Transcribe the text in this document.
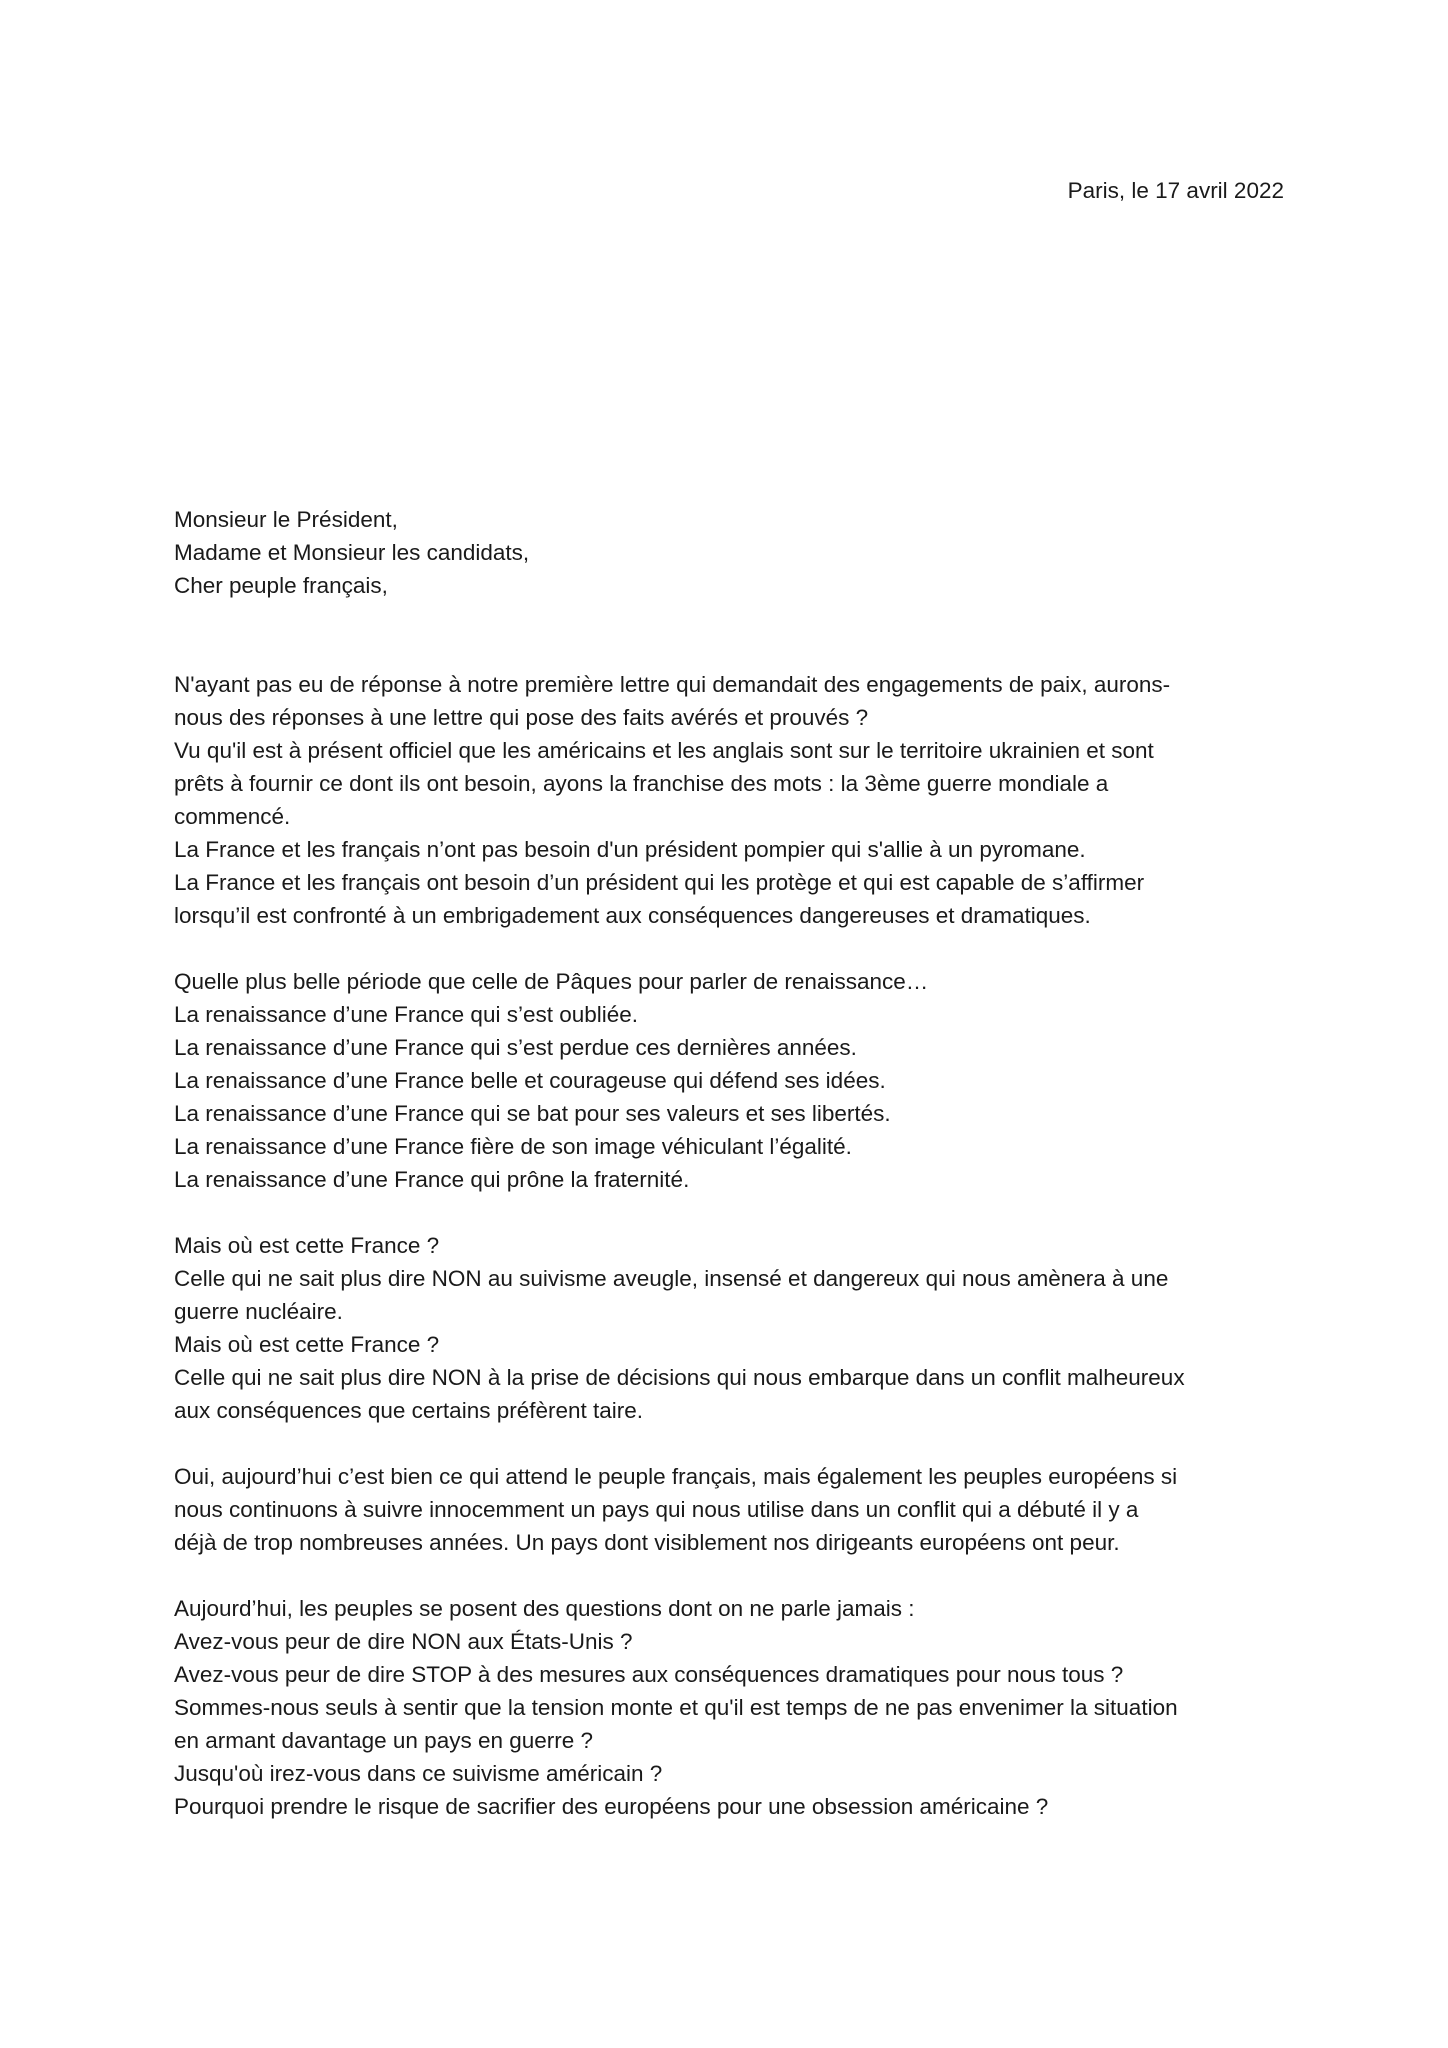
Paris, le 17 avril 2022
Monsieur le Président,
Madame et Monsieur les candidats,
Cher peuple français,
N'ayant pas eu de réponse à notre première lettre qui demandait des engagements de paix, aurons-
nous des réponses à une lettre qui pose des faits avérés et prouvés ?
Vu qu'il est à présent officiel que les américains et les anglais sont sur le territoire ukrainien et sont
prêts à fournir ce dont ils ont besoin, ayons la franchise des mots : la 3ème guerre mondiale a
commencé.
La France et les français n’ont pas besoin d'un président pompier qui s'allie à un pyromane.
La France et les français ont besoin d’un président qui les protège et qui est capable de s’affirmer
lorsqu’il est confronté à un embrigadement aux conséquences dangereuses et dramatiques.
Quelle plus belle période que celle de Pâques pour parler de renaissance…
La renaissance d’une France qui s’est oubliée.
La renaissance d’une France qui s’est perdue ces dernières années.
La renaissance d’une France belle et courageuse qui défend ses idées.
La renaissance d’une France qui se bat pour ses valeurs et ses libertés.
La renaissance d’une France fière de son image véhiculant l’égalité.
La renaissance d’une France qui prône la fraternité.
Mais où est cette France ?
Celle qui ne sait plus dire NON au suivisme aveugle, insensé et dangereux qui nous amènera à une
guerre nucléaire.
Mais où est cette France ?
Celle qui ne sait plus dire NON à la prise de décisions qui nous embarque dans un conflit malheureux
aux conséquences que certains préfèrent taire.
Oui, aujourd’hui c’est bien ce qui attend le peuple français, mais également les peuples européens si
nous continuons à suivre innocemment un pays qui nous utilise dans un conflit qui a débuté il y a
déjà de trop nombreuses années. Un pays dont visiblement nos dirigeants européens ont peur.
Aujourd’hui, les peuples se posent des questions dont on ne parle jamais :
Avez-vous peur de dire NON aux États-Unis ?
Avez-vous peur de dire STOP à des mesures aux conséquences dramatiques pour nous tous ?
Sommes-nous seuls à sentir que la tension monte et qu'il est temps de ne pas envenimer la situation
en armant davantage un pays en guerre ?
Jusqu'où irez-vous dans ce suivisme américain ?
Pourquoi prendre le risque de sacrifier des européens pour une obsession américaine ?
